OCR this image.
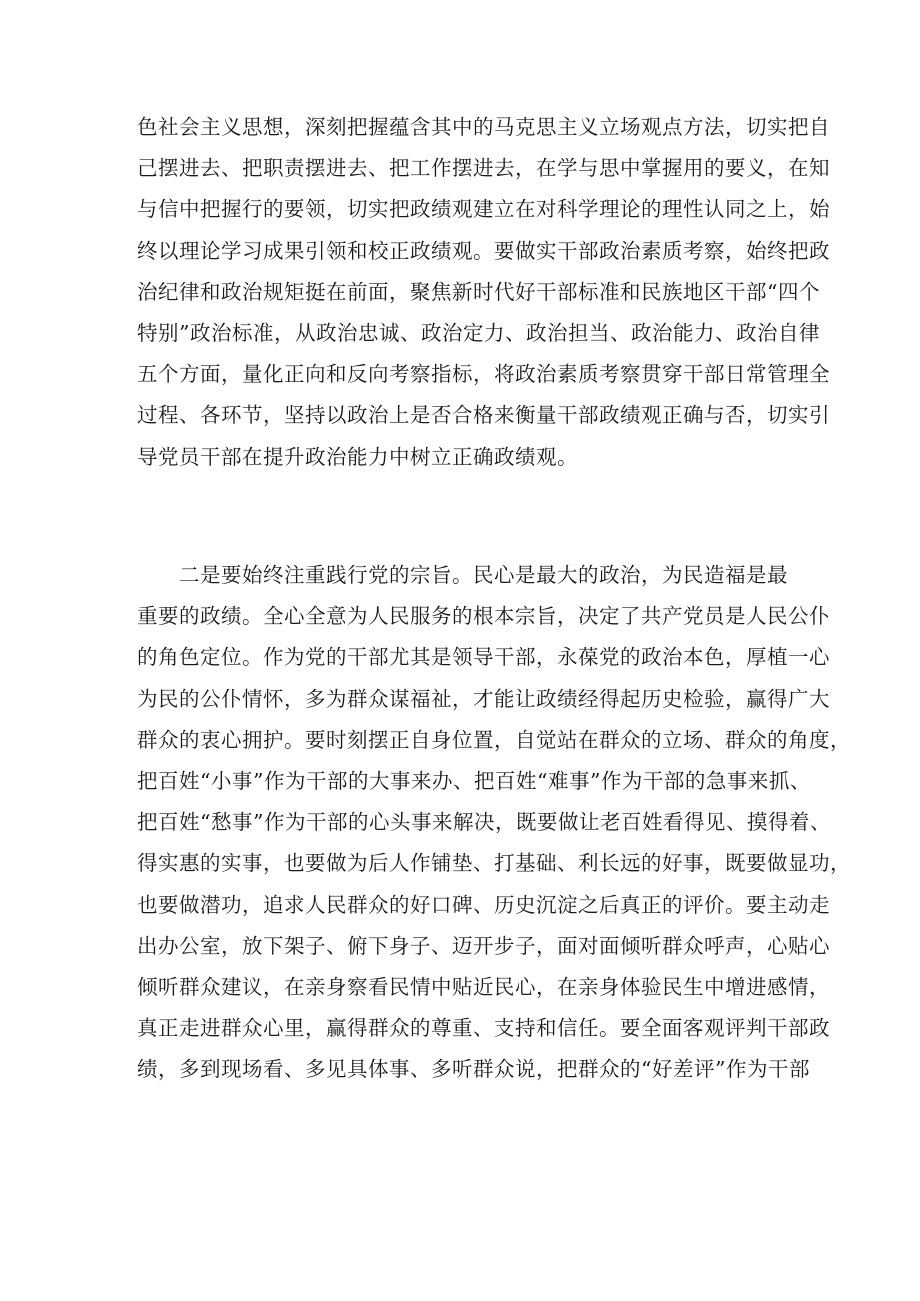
色社会主义思想，深刻把握蕴含其中的马克思主义立场观点方法，切实把自
己摆进去、把职责摆进去、把工作摆进去，在学与思中掌握用的要义，在知
与信中把握行的要领，切实把政绩观建立在对科学理论的理性认同之上，始
终以理论学习成果引领和校正政绩观。要做实干部政治素质考察，始终把政
治纪律和政治规矩挺在前面，聚焦新时代好干部标准和民族地区干部“四个
特别”政治标准，从政治忠诚、政治定力、政治担当、政治能力、政治自律
五个方面，量化正向和反向考察指标，将政治素质考察贯穿干部日常管理全
过程、各环节，坚持以政治上是否合格来衡量干部政绩观正确与否，切实引
导党员干部在提升政治能力中树立正确政绩观。
二是要始终注重践行党的宗旨。民心是最大的政治，为民造福是最
重要的政绩。全心全意为人民服务的根本宗旨，决定了共产党员是人民公仆
的角色定位。作为党的干部尤其是领导干部，永葆党的政治本色，厚植一心
为民的公仆情怀，多为群众谋福祉，才能让政绩经得起历史检验，赢得广大
群众的衷心拥护。要时刻摆正自身位置，自觉站在群众的立场、群众的角度，
把百姓“小事”作为干部的大事来办、把百姓“难事”作为干部的急事来抓、
把百姓“愁事”作为干部的心头事来解决，既要做让老百姓看得见、摸得着、
得实惠的实事，也要做为后人作铺垫、打基础、利长远的好事，既要做显功，
也要做潜功，追求人民群众的好口碑、历史沉淀之后真正的评价。要主动走
出办公室，放下架子、俯下身子、迈开步子，面对面倾听群众呼声，心贴心
倾听群众建议，在亲身察看民情中贴近民心，在亲身体验民生中增进感情，
真正走进群众心里，赢得群众的尊重、支持和信任。要全面客观评判干部政
绩，多到现场看、多见具体事、多听群众说，把群众的“好差评”作为干部
